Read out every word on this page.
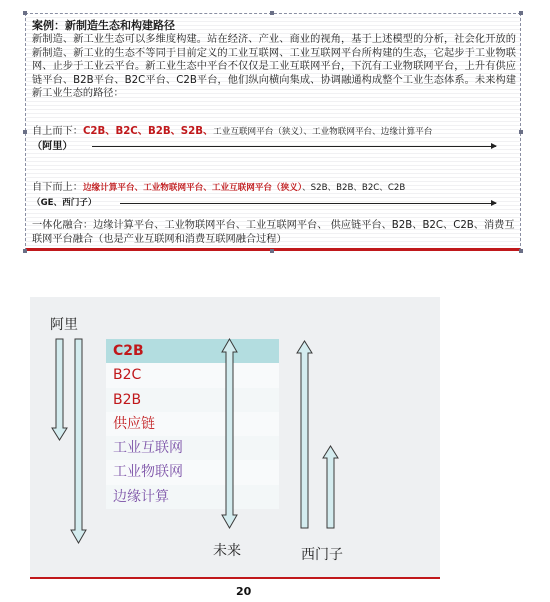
案例：新制造生态和构建路径
新制造、新工业生态可以多维度构建。站在经济、产业、商业的视角，基于上述模型的分析，社会化开放的新制造、新工业的生态不等同于目前定义的工业互联网、工业互联网平台所构建的生态，它起步于工业物联网、止步于工业云平台。新工业生态中平台不仅仅是工业互联网平台，下沉有工业物联网平台，上升有供应链平台、B2B平台、B2C平台、C2B平台，他们纵向横向集成、协调融通构成整个工业生态体系。未来构建新工业生态的路径：
自上而下：C2B、B2C、B2B、S2B、工业互联网平台（狭义）、工业物联网平台、边缘计算平台
（阿里）
自下而上：边缘计算平台、工业物联网平台、工业互联网平台（狭义）、S2B、B2B、B2C、C2B
（GE、西门子）
一体化融合：边缘计算平台、工业物联网平台、工业互联网平台、 供应链平台、B2B、B2C、C2B、消费互联网平台融合（也是产业互联网和消费互联网融合过程）
20
阿里
未来	西门子
C2B
B2C
B2B
供应链
工业互联网
工业物联网
边缘计算
